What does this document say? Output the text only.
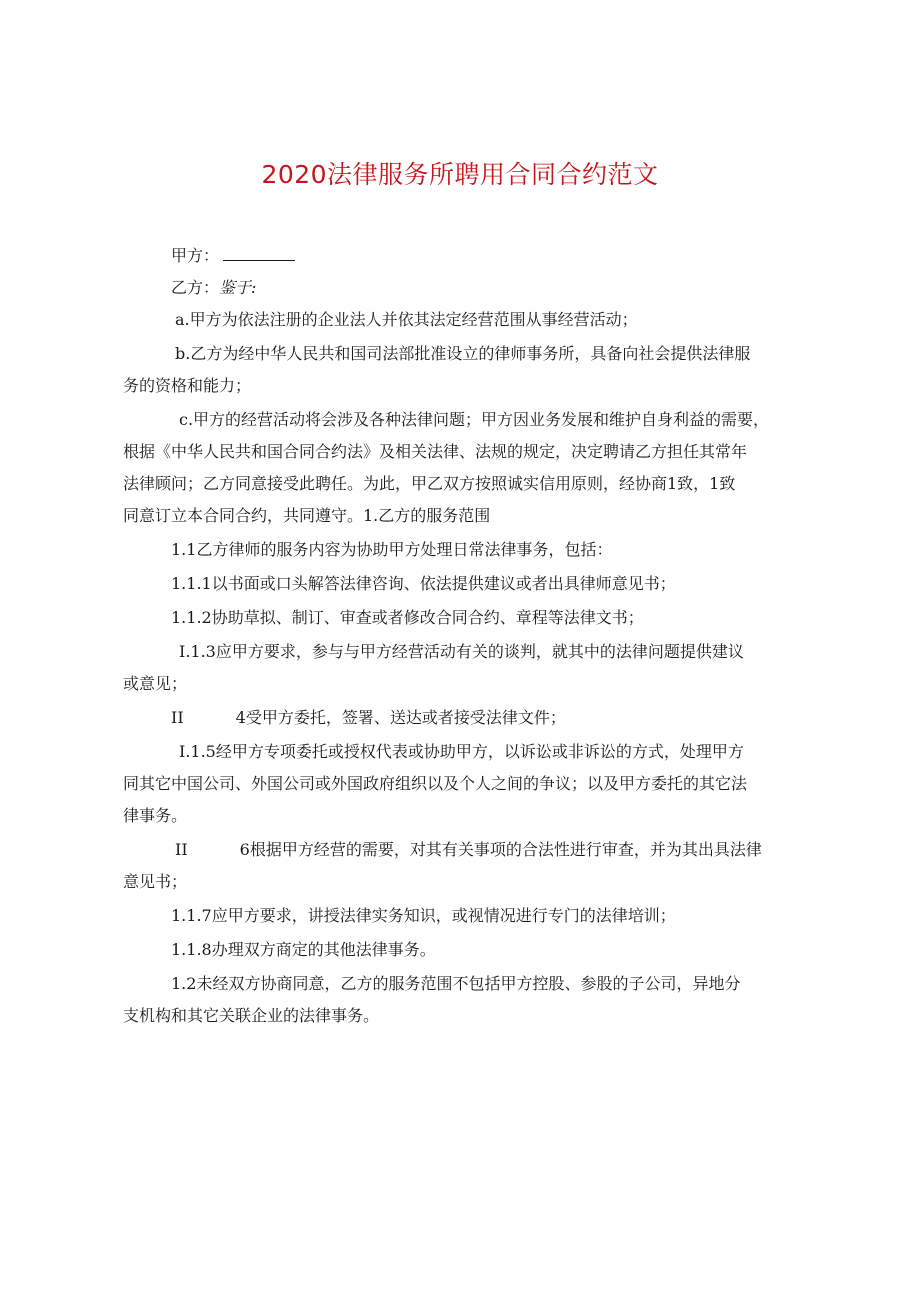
2020法律服务所聘用合同合约范文
甲方：
乙方：鉴于:
a.甲方为依法注册的企业法人并依其法定经营范围从事经营活动；
b.乙方为经中华人民共和国司法部批准设立的律师事务所，具备向社会提供法律服
务的资格和能力；
c.甲方的经营活动将会涉及各种法律问题；甲方因业务发展和维护自身利益的需要，
根据《中华人民共和国合同合约法》及相关法律、法规的规定，决定聘请乙方担任其常年
法律顾问；乙方同意接受此聘任。为此，甲乙双方按照诚实信用原则，经协商1致，1致
同意订立本合同合约，共同遵守。1.乙方的服务范围
1.1乙方律师的服务内容为协助甲方处理日常法律事务，包括：
1.1.1以书面或口头解答法律咨询、依法提供建议或者出具律师意见书；
1.1.2协助草拟、制订、审查或者修改合同合约、章程等法律文书；
Ⅰ.1.3应甲方要求，参与与甲方经营活动有关的谈判，就其中的法律问题提供建议
或意见；
II	4受甲方委托，签署、送达或者接受法律文件；
Ⅰ.1.5经甲方专项委托或授权代表或协助甲方，以诉讼或非诉讼的方式，处理甲方
同其它中国公司、外国公司或外国政府组织以及个人之间的争议；以及甲方委托的其它法
律事务。
II	6根据甲方经营的需要，对其有关事项的合法性进行审查，并为其出具法律
意见书；
1.1.7应甲方要求，讲授法律实务知识，或视情况进行专门的法律培训；
1.1.8办理双方商定的其他法律事务。
1.2未经双方协商同意，乙方的服务范围不包括甲方控股、参股的子公司，异地分
支机构和其它关联企业的法律事务。
